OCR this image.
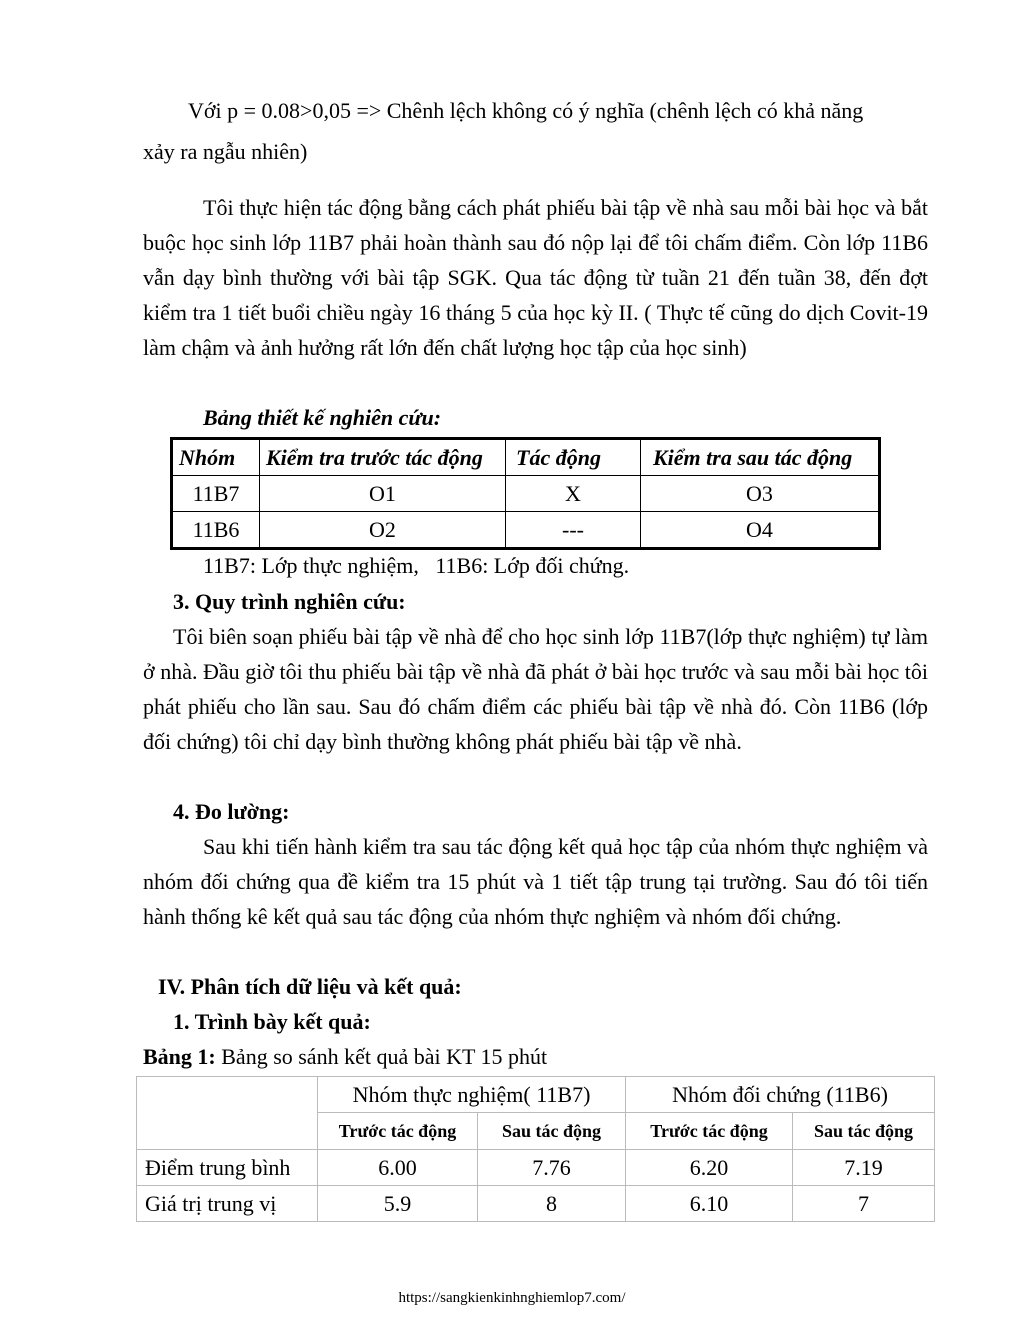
Với p = 0.08>0,05 => Chênh lệch không có ý nghĩa (chênh lệch có khả năng
xảy ra ngẫu nhiên)
Tôi thực hiện tác động bằng cách phát phiếu bài tập về nhà sau mỗi bài học và bắt buộc học sinh lớp 11B7 phải hoàn thành sau đó nộp lại để tôi chấm điểm. Còn lớp 11B6 vẫn dạy bình thường với bài tập SGK. Qua tác động từ tuần 21 đến tuần 38, đến đợt kiểm tra 1 tiết buổi chiều ngày 16 tháng 5 của học kỳ II. ( Thực tế cũng do dịch Covit-19 làm chậm và ảnh hưởng rất lớn đến chất lượng học tập của học sinh)
Bảng thiết kế nghiên cứu:
Nhóm	Kiểm tra trước tác động	Tác động	Kiểm tra sau tác động
11B7	O1	X	O3
11B6	O2	---	O4
11B7: Lớp thực nghiệm,   11B6: Lớp đối chứng.
3. Quy trình nghiên cứu:
Tôi biên soạn phiếu bài tập về nhà để cho học sinh lớp 11B7(lớp thực nghiệm) tự làm ở nhà. Đầu giờ tôi thu phiếu bài tập về nhà đã phát ở bài học trước và sau mỗi bài học tôi phát phiếu cho lần sau. Sau đó chấm điểm các phiếu bài tập về nhà đó. Còn 11B6 (lớp đối chứng) tôi chỉ dạy bình thường không phát phiếu bài tập về nhà.
4. Đo lường:
Sau khi tiến hành kiểm tra sau tác động kết quả học tập của nhóm thực nghiệm và nhóm đối chứng qua đề kiểm tra 15 phút và 1 tiết tập trung tại trường. Sau đó tôi tiến hành thống kê kết quả sau tác động của nhóm thực nghiệm và nhóm đối chứng.
IV. Phân tích dữ liệu và kết quả:
1. Trình bày kết quả:
Bảng 1: Bảng so sánh kết quả bài KT 15 phút
	Nhóm thực nghiệm( 11B7)		Nhóm đối chứng (11B6)	
	Trước tác động	Sau tác động	Trước tác động	Sau tác động
Điểm trung bình	6.00	7.76	6.20	7.19
Giá trị trung vị	5.9	8	6.10	7
https://sangkienkinhnghiemlop7.com/
